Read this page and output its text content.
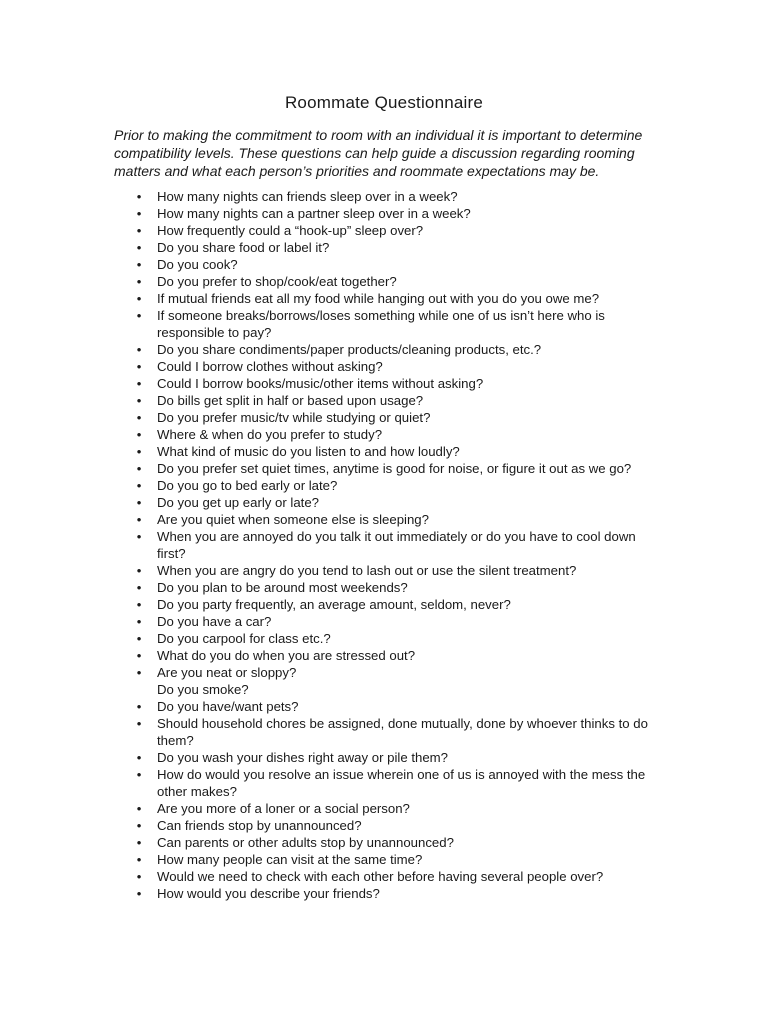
Roommate Questionnaire
Prior to making the commitment to room with an individual it is important to determine compatibility levels. These questions can help guide a discussion regarding rooming matters and what each person’s priorities and roommate expectations may be.
• How many nights can friends sleep over in a week?
• How many nights can a partner sleep over in a week?
• How frequently could a “hook-up” sleep over?
• Do you share food or label it?
• Do you cook?
• Do you prefer to shop/cook/eat together?
• If mutual friends eat all my food while hanging out with you do you owe me?
• If someone breaks/borrows/loses something while one of us isn’t here who is responsible to pay?
• Do you share condiments/paper products/cleaning products, etc.?
• Could I borrow clothes without asking?
• Could I borrow books/music/other items without asking?
• Do bills get split in half or based upon usage?
• Do you prefer music/tv while studying or quiet?
• Where & when do you prefer to study?
• What kind of music do you listen to and how loudly?
• Do you prefer set quiet times, anytime is good for noise, or figure it out as we go?
• Do you go to bed early or late?
• Do you get up early or late?
• Are you quiet when someone else is sleeping?
• When you are annoyed do you talk it out immediately or do you have to cool down first?
• When you are angry do you tend to lash out or use the silent treatment?
• Do you plan to be around most weekends?
• Do you party frequently, an average amount, seldom, never?
• Do you have a car?
• Do you carpool for class etc.?
• What do you do when you are stressed out?
• Are you neat or sloppy?
Do you smoke?
• Do you have/want pets?
• Should household chores be assigned, done mutually, done by whoever thinks to do them?
• Do you wash your dishes right away or pile them?
• How do would you resolve an issue wherein one of us is annoyed with the mess the other makes?
• Are you more of a loner or a social person?
• Can friends stop by unannounced?
• Can parents or other adults stop by unannounced?
• How many people can visit at the same time?
• Would we need to check with each other before having several people over?
• How would you describe your friends?
